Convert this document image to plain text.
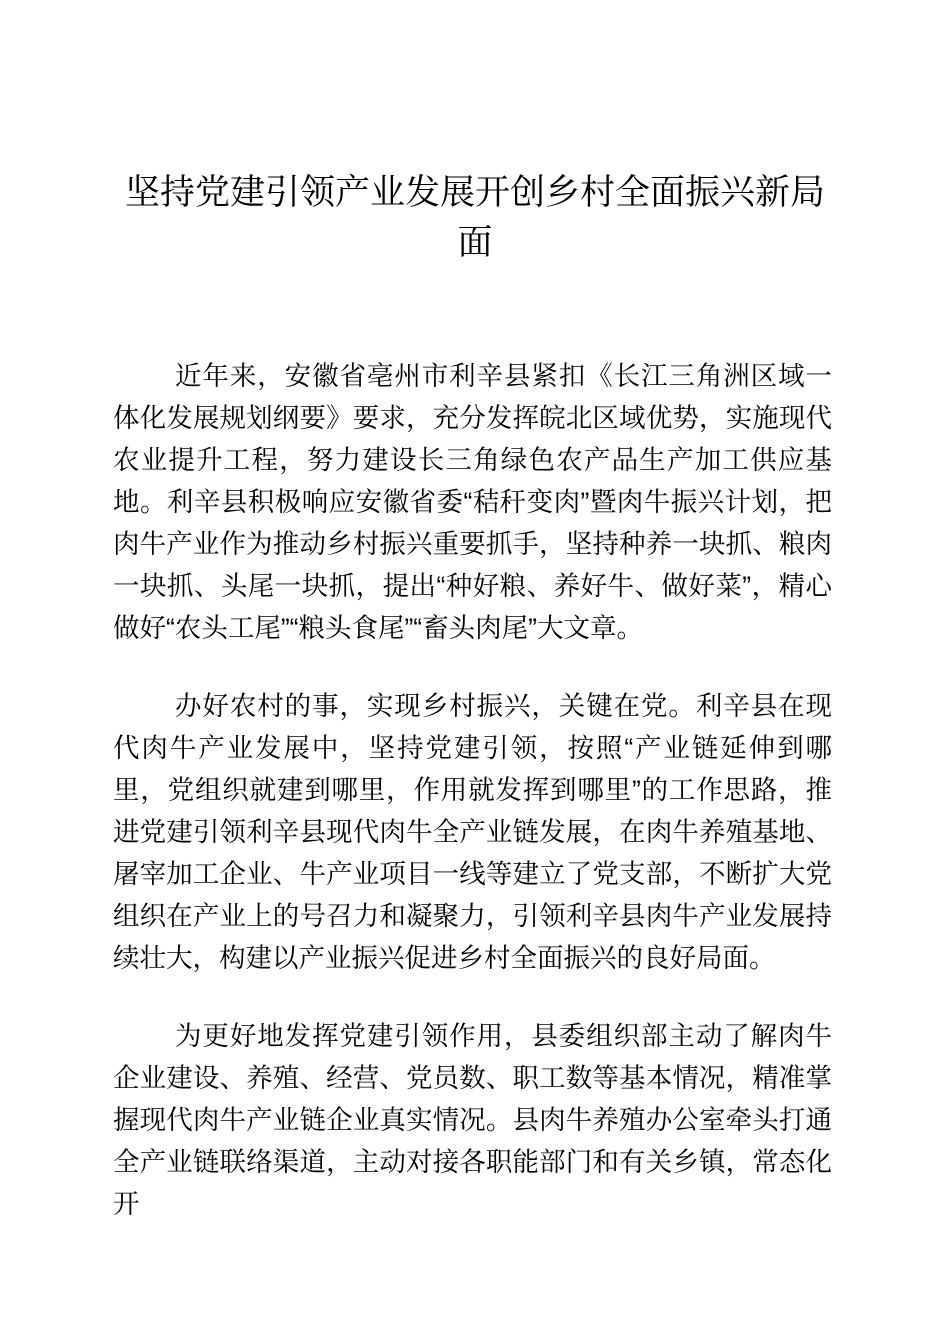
坚持党建引领产业发展开创乡村全面振兴新局面

近年来，安徽省亳州市利辛县紧扣《长江三角洲区域一体化发展规划纲要》要求，充分发挥皖北区域优势，实施现代农业提升工程，努力建设长三角绿色农产品生产加工供应基地。利辛县积极响应安徽省委“秸秆变肉”暨肉牛振兴计划，把肉牛产业作为推动乡村振兴重要抓手，坚持种养一块抓、粮肉一块抓、头尾一块抓，提出“种好粮、养好牛、做好菜”，精心做好“农头工尾”“粮头食尾”“畜头肉尾”大文章。

办好农村的事，实现乡村振兴，关键在党。利辛县在现代肉牛产业发展中，坚持党建引领，按照“产业链延伸到哪里，党组织就建到哪里，作用就发挥到哪里”的工作思路，推进党建引领利辛县现代肉牛全产业链发展，在肉牛养殖基地、屠宰加工企业、牛产业项目一线等建立了党支部，不断扩大党组织在产业上的号召力和凝聚力，引领利辛县肉牛产业发展持续壮大，构建以产业振兴促进乡村全面振兴的良好局面。

为更好地发挥党建引领作用，县委组织部主动了解肉牛企业建设、养殖、经营、党员数、职工数等基本情况，精准掌握现代肉牛产业链企业真实情况。县肉牛养殖办公室牵头打通全产业链联络渠道，主动对接各职能部门和有关乡镇，常态化开
